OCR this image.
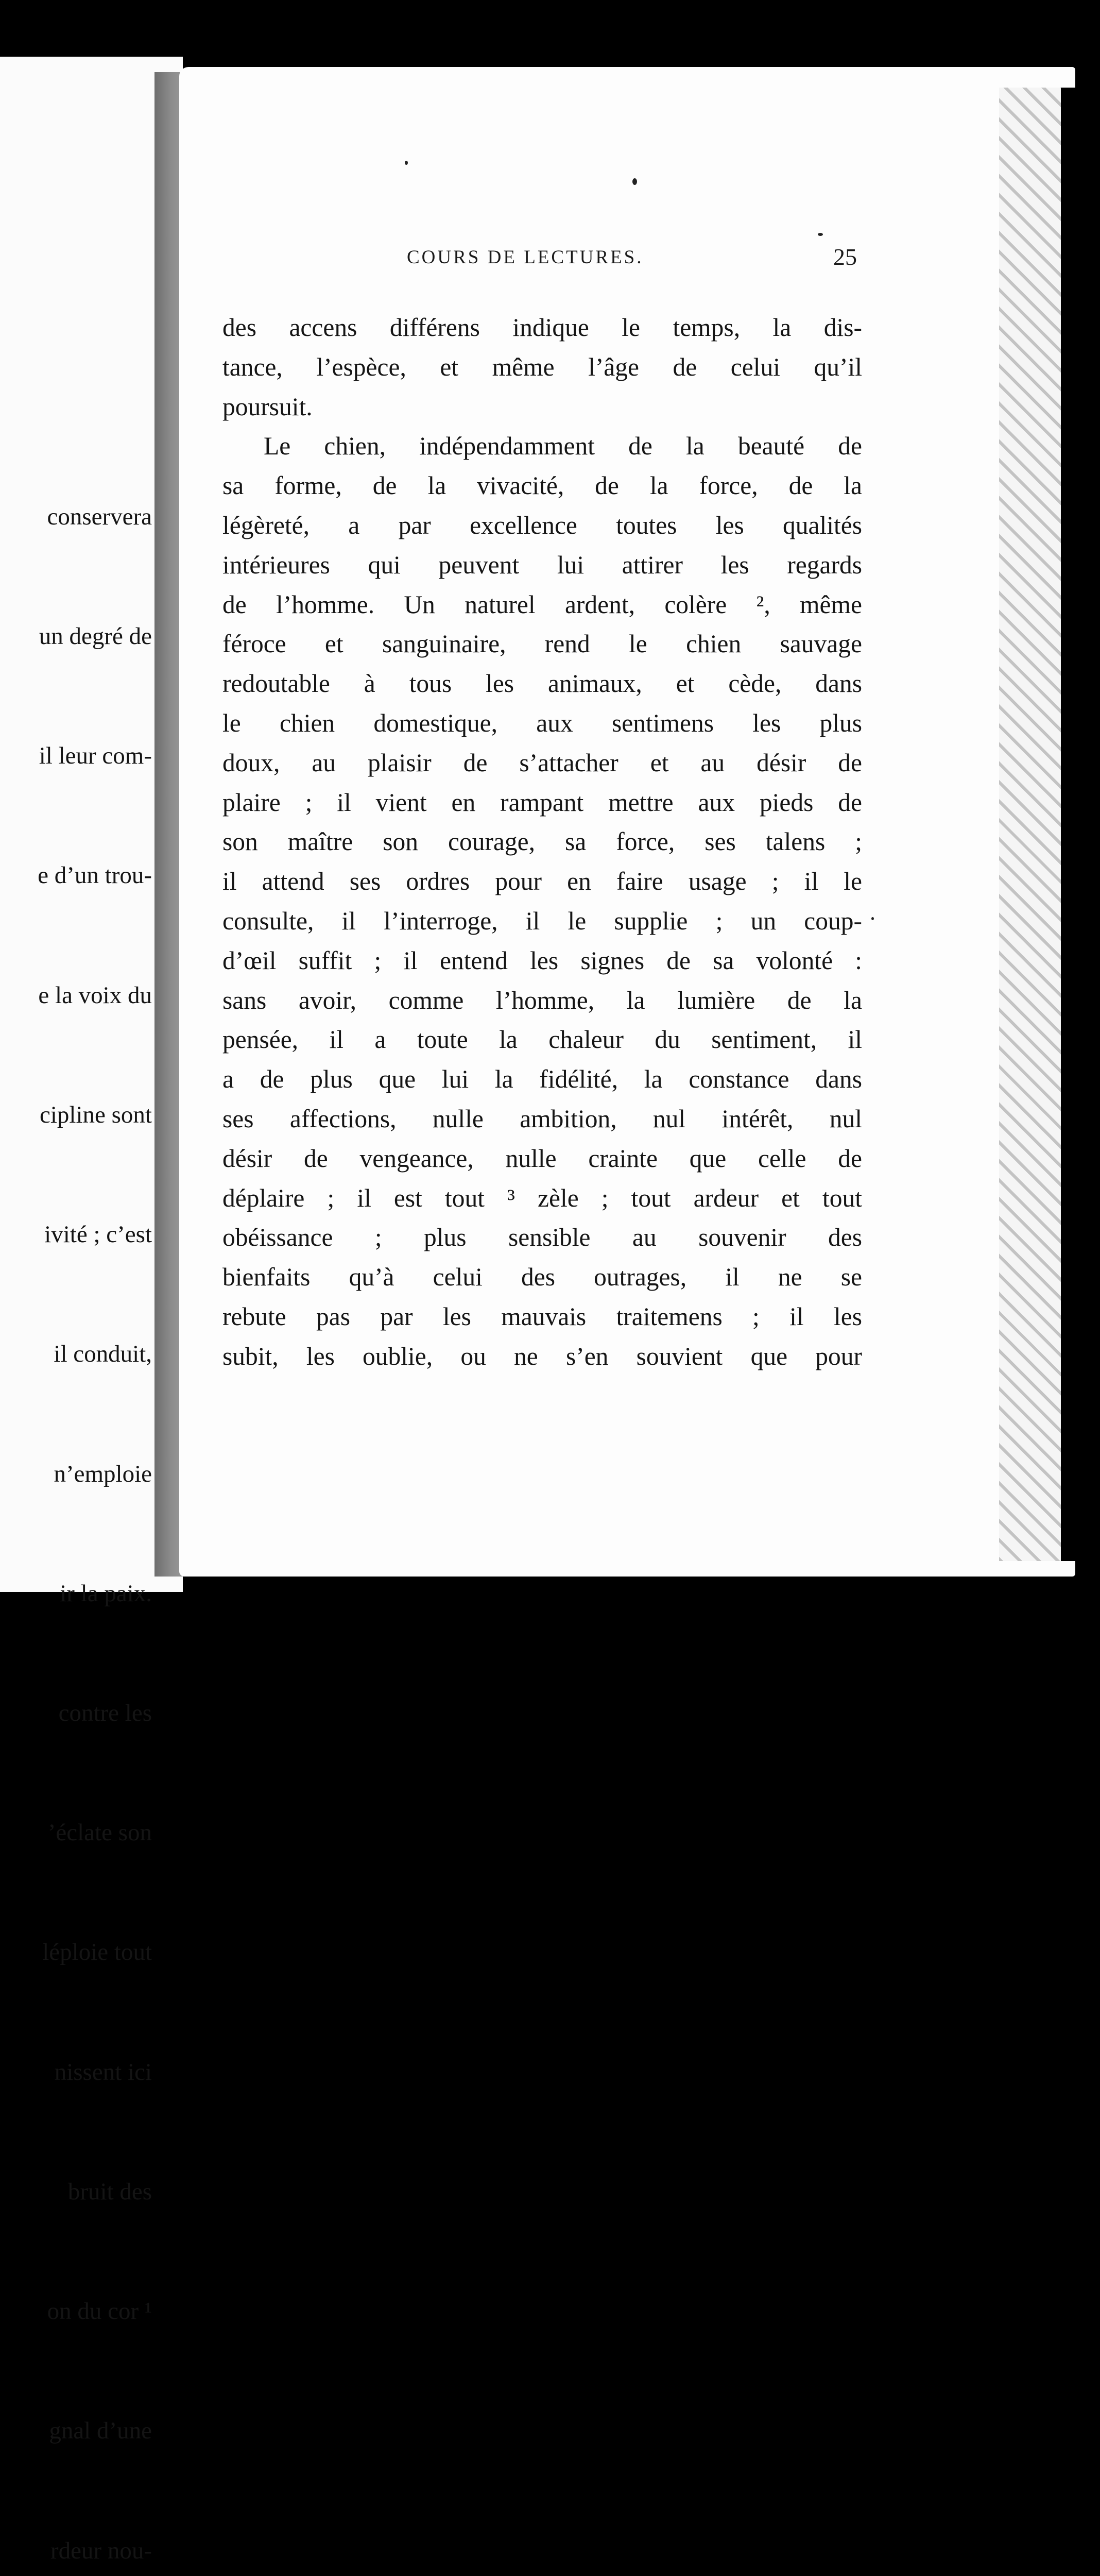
conservera

un degré de

il leur com-

e d’un trou-

e la voix du

cipline sont

ivité ; c’est

il conduit,

n’emploie

ir la paix.

contre les

’éclate son

léploie tout

nissent ici

bruit des

on du cor ¹

gnal d’une

rdeur nou-

COURS DE LECTURES.	25
des accens différens indique le temps, la dis-
tance, l’espèce, et même l’âge de celui qu’il
poursuit.
Le chien, indépendamment de la beauté de
sa forme, de la vivacité, de la force, de la
légèreté, a par excellence toutes les qualités
intérieures qui peuvent lui attirer les regards
de l’homme. Un naturel ardent, colère ², même
féroce et sanguinaire, rend le chien sauvage
redoutable à tous les animaux, et cède, dans
le chien domestique, aux sentimens les plus
doux, au plaisir de s’attacher et au désir de
plaire ; il vient en rampant mettre aux pieds de
son maître son courage, sa force, ses talens ;
il attend ses ordres pour en faire usage ; il le
consulte, il l’interroge, il le supplie ; un coup-
d’œil suffit ; il entend les signes de sa volonté :
sans avoir, comme l’homme, la lumière de la
pensée, il a toute la chaleur du sentiment, il
a de plus que lui la fidélité, la constance dans
ses affections, nulle ambition, nul intérêt, nul
désir de vengeance, nulle crainte que celle de
déplaire ; il est tout ³ zèle ; tout ardeur et tout
obéissance ; plus sensible au souvenir des
bienfaits qu’à celui des outrages, il ne se
rebute pas par les mauvais traitemens ; il les
subit, les oublie, ou ne s’en souvient que pour
